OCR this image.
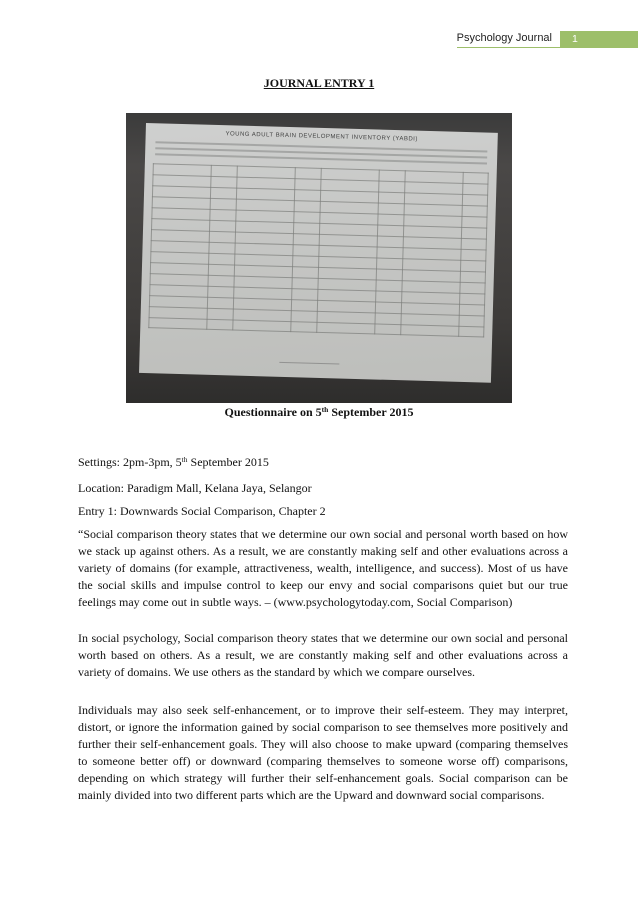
Psychology Journal	1
JOURNAL ENTRY 1
YOUNG ADULT BRAIN DEVELOPMENT INVENTORY (YABDI)
Questionnaire on 5th September 2015
Settings: 2pm-3pm, 5th September 2015
Location: Paradigm Mall, Kelana Jaya, Selangor
Entry 1: Downwards Social Comparison, Chapter 2
“Social comparison theory states that we determine our own social and personal worth based on how we stack up against others. As a result, we are constantly making self and other evaluations across a variety of domains (for example, attractiveness, wealth, intelligence, and success). Most of us have the social skills and impulse control to keep our envy and social comparisons quiet but our true feelings may come out in subtle ways. – (www.psychologytoday.com, Social Comparison)
In social psychology, Social comparison theory states that we determine our own social and personal worth based on others. As a result, we are constantly making self and other evaluations across a variety of domains. We use others as the standard by which we compare ourselves.
Individuals may also seek self-enhancement, or to improve their self-esteem. They may interpret, distort, or ignore the information gained by social comparison to see themselves more positively and further their self-enhancement goals. They will also choose to make upward (comparing themselves to someone better off) or downward (comparing themselves to someone worse off) comparisons, depending on which strategy will further their self-enhancement goals. Social comparison can be mainly divided into two different parts which are the Upward and downward social comparisons.
